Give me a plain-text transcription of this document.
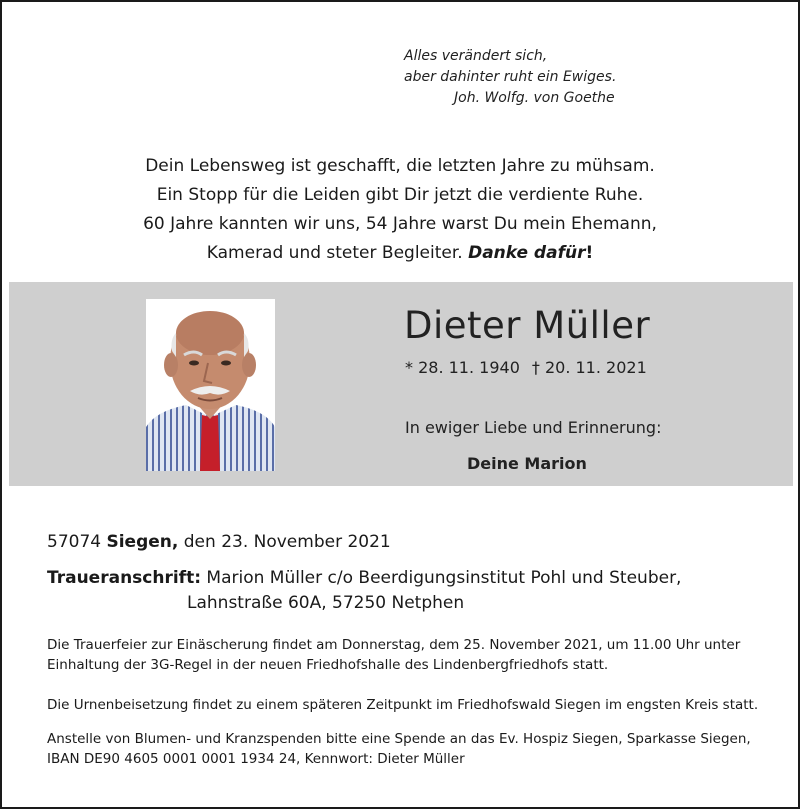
Alles verändert sich,
aber dahinter ruht ein Ewiges.
Joh. Wolfg. von Goethe
Dein Lebensweg ist geschafft, die letzten Jahre zu mühsam.
Ein Stopp für die Leiden gibt Dir jetzt die verdiente Ruhe.
60 Jahre kannten wir uns, 54 Jahre warst Du mein Ehemann,
Kamerad und steter Begleiter. Danke dafür!
Dieter Müller
* 28. 11. 1940 † 20. 11. 2021
In ewiger Liebe und Erinnerung:
Deine Marion
57074 Siegen, den 23. November 2021
Traueranschrift: Marion Müller c/o Beerdigungsinstitut Pohl und Steuber,
Lahnstraße 60A, 57250 Netphen
Die Trauerfeier zur Einäscherung findet am Donnerstag, dem 25. November 2021, um 11.00 Uhr unter Einhaltung der 3G-Regel in der neuen Friedhofshalle des Lindenbergfriedhofs statt.
Die Urnenbeisetzung findet zu einem späteren Zeitpunkt im Friedhofswald Siegen im engsten Kreis statt.
Anstelle von Blumen- und Kranzspenden bitte eine Spende an das Ev. Hospiz Siegen, Sparkasse Siegen, IBAN DE90 4605 0001 0001 1934 24, Kennwort: Dieter Müller
